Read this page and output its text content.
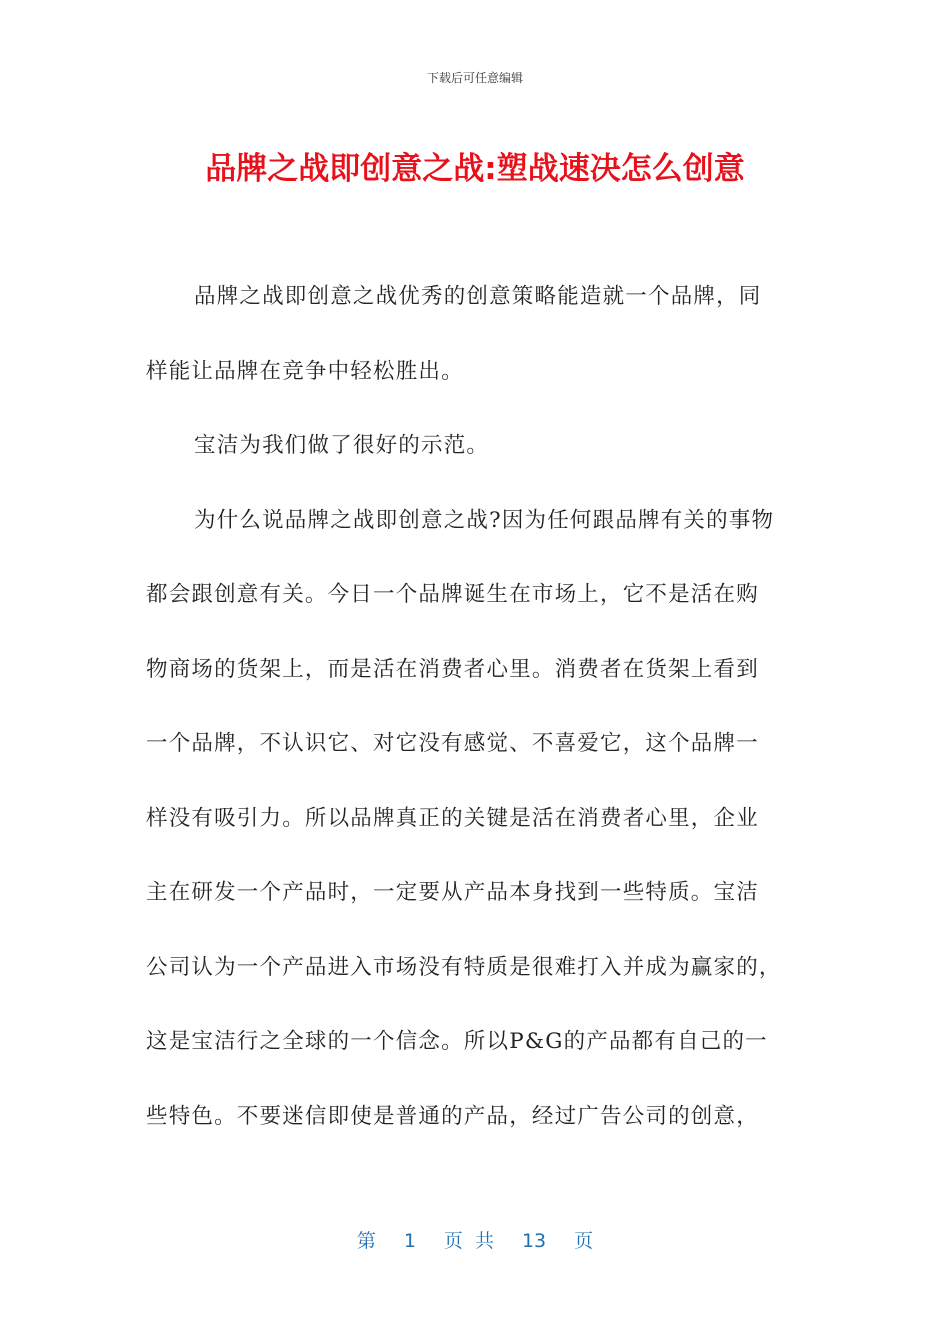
下载后可任意编辑
品牌之战即创意之战:塑战速决怎么创意
品牌之战即创意之战优秀的创意策略能造就一个品牌，同
样能让品牌在竞争中轻松胜出。
宝洁为我们做了很好的示范。
为什么说品牌之战即创意之战?因为任何跟品牌有关的事物
都会跟创意有关。今日一个品牌诞生在市场上，它不是活在购
物商场的货架上，而是活在消费者心里。消费者在货架上看到
一个品牌，不认识它、对它没有感觉、不喜爱它，这个品牌一
样没有吸引力。所以品牌真正的关键是活在消费者心里，企业
主在研发一个产品时，一定要从产品本身找到一些特质。宝洁
公司认为一个产品进入市场没有特质是很难打入并成为赢家的，
这是宝洁行之全球的一个信念。所以P&G的产品都有自己的一
些特色。不要迷信即使是普通的产品，经过广告公司的创意，
第 1 页 共 13 页
